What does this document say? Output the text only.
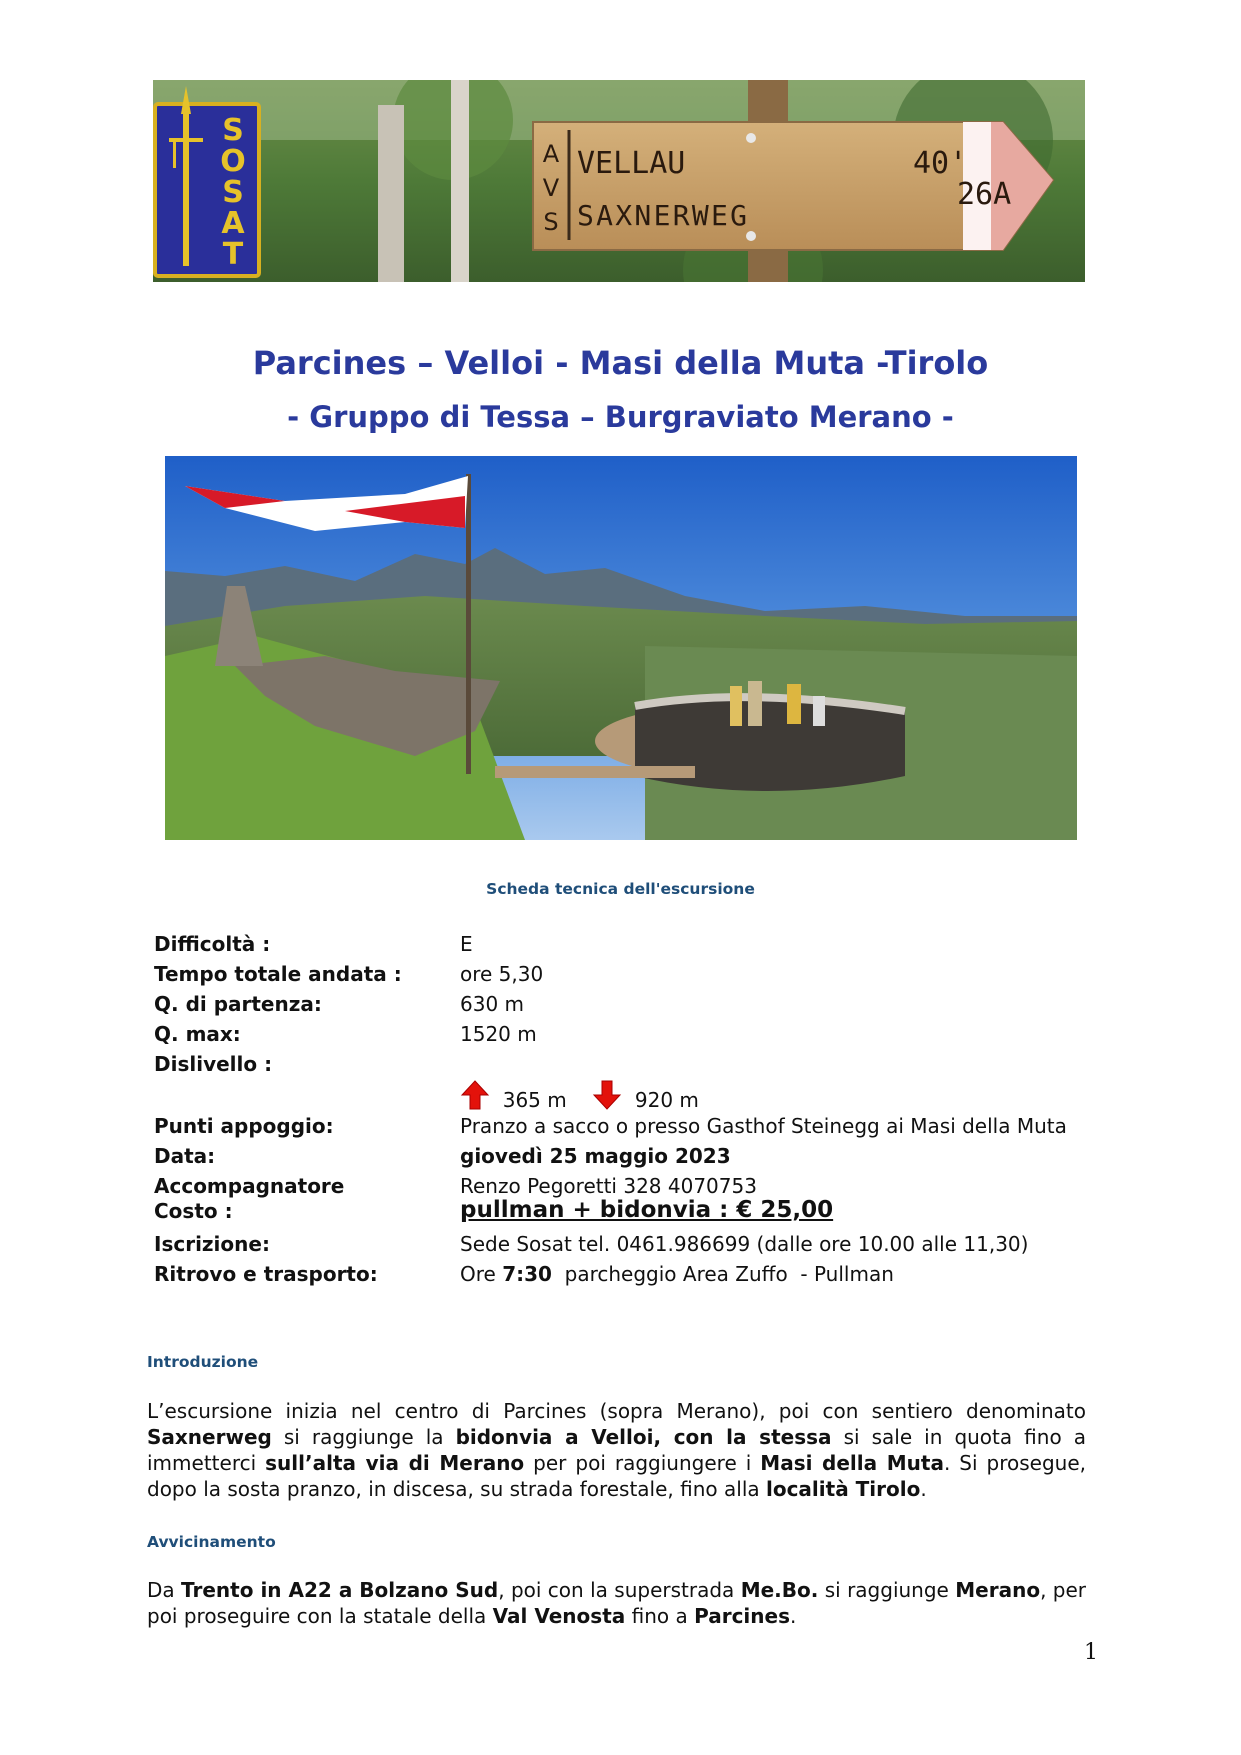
S
O
S
A
T
A
V
S
VELLAU
SAXNERWEG
40'
26A
Parcines – Velloi - Masi della Muta -Tirolo
- Gruppo di Tessa – Burgraviato Merano -
Scheda tecnica dell'escursione
Difficoltà :	E
Tempo totale andata :	ore 5,30
Q. di partenza:	630 m
Q. max:	1520 m
Dislivello :
365 m	920 m
Punti appoggio:	Pranzo a sacco o presso Gasthof Steinegg ai Masi della Muta
Data:	giovedì 25 maggio 2023
Accompagnatore	Renzo Pegoretti 328 4070753
Costo :	pullman + bidonvia : € 25,00
Iscrizione:	Sede Sosat tel. 0461.986699 (dalle ore 10.00 alle 11,30)
Ritrovo e trasporto:	Ore 7:30  parcheggio Area Zuffo  - Pullman
Introduzione
L’escursione inizia nel centro di Parcines (sopra Merano), poi con sentiero denominato Saxnerweg si raggiunge la bidonvia a Velloi, con la stessa si sale in quota fino a immetterci sull’alta via di Merano per poi raggiungere i Masi della Muta. Si prosegue, dopo la sosta pranzo, in discesa, su strada forestale, fino alla località Tirolo.
Avvicinamento
Da Trento in A22 a Bolzano Sud, poi con la superstrada Me.Bo. si raggiunge Merano, per poi proseguire con la statale della Val Venosta fino a Parcines.
1
